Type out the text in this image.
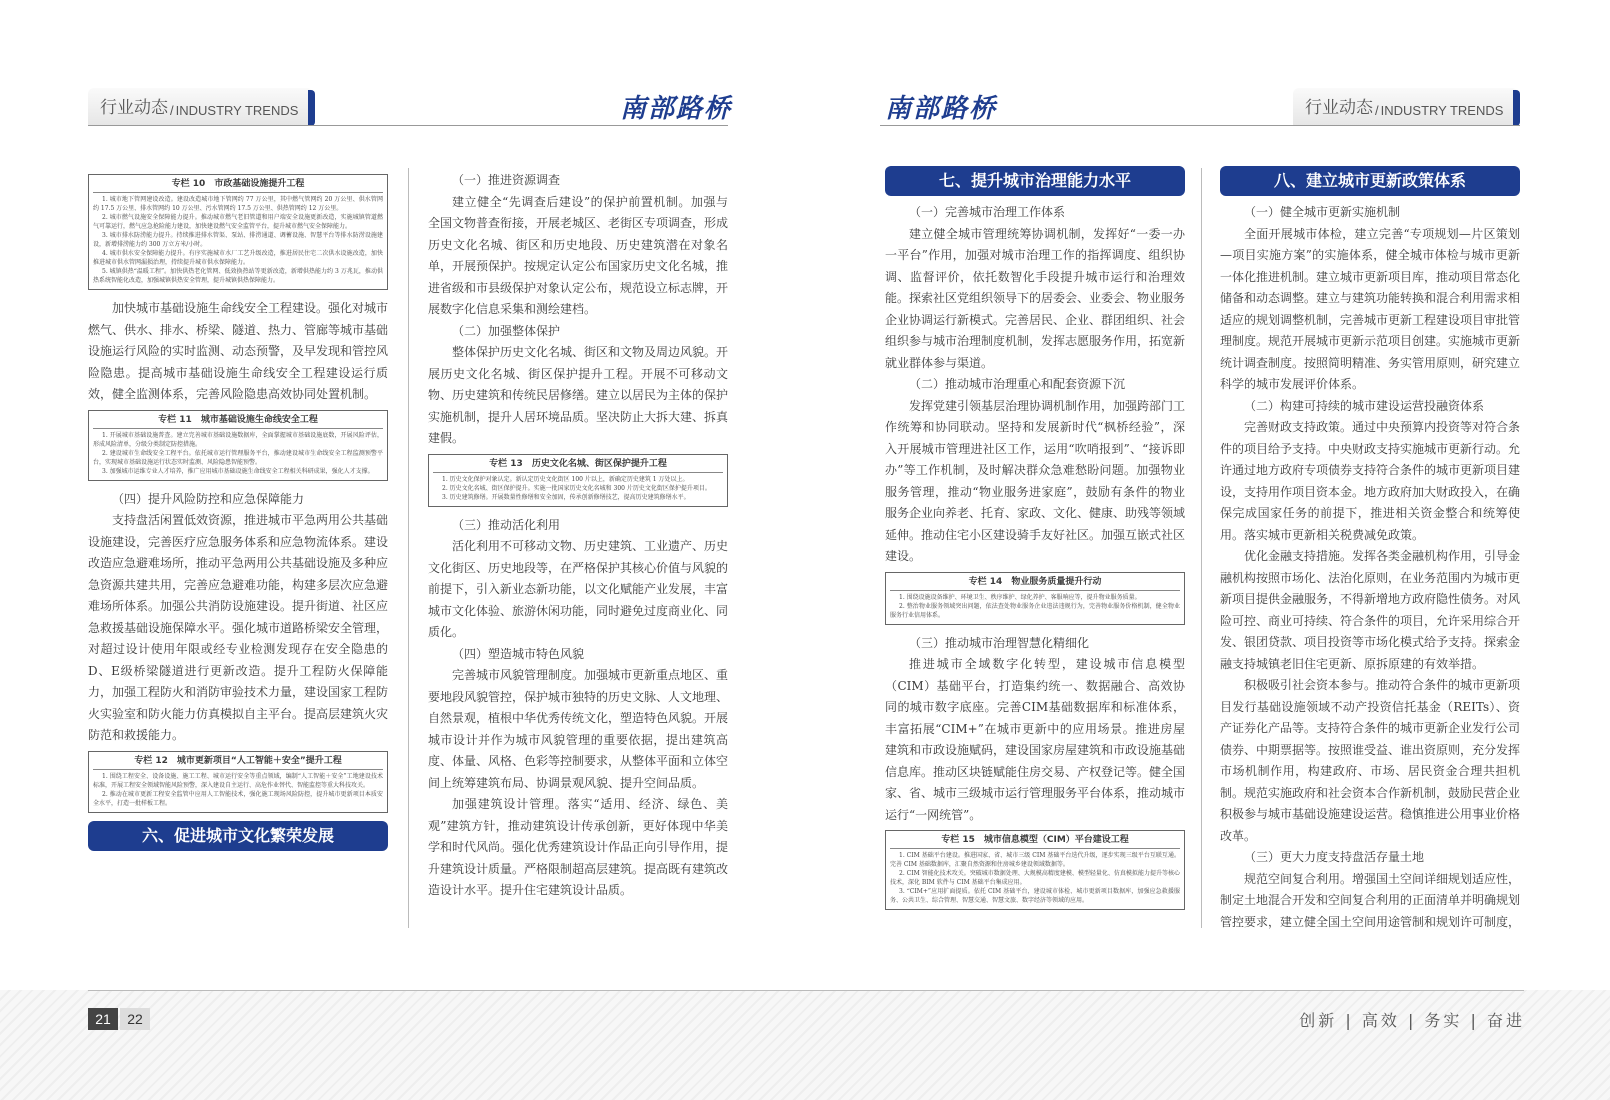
行业动态 / INDUSTRY TRENDS	南部路桥
专栏 10　市政基础设施提升工程
1. 城市地下管网建设改造。建设改造城市地下管网约 77 万公里，其中燃气管网约 20 万公里、供水管网约 17.5 万公里、排水管网约 10 万公里、污水管网约 17.5 万公里、供热管网约 12 万公里。
2. 城市燃气设施安全保障能力提升。推动城市燃气老旧管道和用户端安全设施更新改造，实施城镇管道燃气可靠运行，燃气应急抢险能力建设，加快建设燃气安全监管平台，提升城市燃气安全保障能力。
3. 城市排水防涝能力提升。持续推进排水管渠、泵站、排涝通道、调蓄设施、智慧平台等排水防涝设施建设，新增排涝能力约 300 万立方米/小时。
4. 城市供水安全保障能力提升。有序实施城市水厂工艺升级改造，推进居民住宅二次供水设施改造，加快推进城市供水管网漏损治理，持续提升城市供水保障能力。
5. 城镇供热“温暖工程”。加快供热老化管网、低效换热站等更新改造，新增供热能力约 3 万兆瓦，推动供热系统智能化改造，加强城镇供热安全管理，提升城镇供热保障能力。

加快城市基础设施生命线安全工程建设。强化对城市燃气、供水、排水、桥梁、隧道、热力、管廊等城市基础设施运行风险的实时监测、动态预警，及早发现和管控风险隐患。提高城市基础设施生命线安全工程建设运行质效，健全监测体系，完善风险隐患高效协同处置机制。

专栏 11　城市基础设施生命线安全工程
1. 开展城市基础设施普查。建立完善城市基础设施数据库，全面掌握城市基础设施底数，开展风险评估，形成风险清单，分级分类制定防控措施。
2. 建设城市生命线安全工程平台。依托城市运行管理服务平台，推动建设城市生命线安全工程监测预警平台，实现城市基础设施运行状态实时监测、风险隐患智能预警。
3. 加强城市运维专业人才培养，推广应用城市基础设施生命线安全工程相关科研成果，强化人才支撑。
（四）提升风险防控和应急保障能力

支持盘活闲置低效资源，推进城市平急两用公共基础设施建设，完善医疗应急服务体系和应急物流体系。建设改造应急避难场所，推动平急两用公共基础设施及多种应急资源共建共用，完善应急避难功能，构建多层次应急避难场所体系。加强公共消防设施建设。提升街道、社区应急救援基础设施保障水平。强化城市道路桥梁安全管理，对超过设计使用年限或经专业检测发现存在安全隐患的D、E级桥梁隧道进行更新改造。提升工程防火保障能力，加强工程防火和消防审验技术力量，建设国家工程防火实验室和防火能力仿真模拟自主平台。提高层建筑火灾防范和救援能力。

专栏 12　城市更新项目“人工智能＋安全”提升工程
1. 围绕工程安全、设备设施、施工工程、城市运行安全等重点领域，编制“人工智能＋安全”工地建设技术标准，开展工程安全领域智能风险预警，深入建设自主运行、高危作业替代、智能监控等重大科技攻关。
2. 推动在城市更新工程安全监管中应用人工智能技术，强化施工现场风险防控，提升城市更新项目本质安全水平，打造一批样板工程。
六、促进城市文化繁荣发展
（一）推进资源调查

建立健全“先调查后建设”的保护前置机制。加强与全国文物普查衔接，开展老城区、老街区专项调查，形成历史文化名城、街区和历史地段、历史建筑潜在对象名单，开展预保护。按规定认定公布国家历史文化名城，推进省级和市县级保护对象认定公布，规范设立标志牌，开展数字化信息采集和测绘建档。

（二）加强整体保护

整体保护历史文化名城、街区和文物及周边风貌。开展历史文化名城、街区保护提升工程。开展不可移动文物、历史建筑和传统民居修缮。建立以居民为主体的保护实施机制，提升人居环境品质。坚决防止大拆大建、拆真建假。

专栏 13　历史文化名城、街区保护提升工程
1. 历史文化保护对象认定。新认定历史文化街区 100 片以上，新确定历史建筑 1 万处以上。
2. 历史文化名城、街区保护提升。实施一批国家历史文化名城和 300 片历史文化街区保护提升项目。
3. 历史建筑修缮。开展数量性修缮和安全加固，传承创新修缮技艺，提高历史建筑修缮水平。
（三）推动活化利用

活化利用不可移动文物、历史建筑、工业遗产、历史文化街区、历史地段等，在严格保护其核心价值与风貌的前提下，引入新业态新功能，以文化赋能产业发展，丰富城市文化体验、旅游休闲功能，同时避免过度商业化、同质化。

（四）塑造城市特色风貌

完善城市风貌管理制度。加强城市更新重点地区、重要地段风貌管控，保护城市独特的历史文脉、人文地理、自然景观，植根中华优秀传统文化，塑造特色风貌。开展城市设计并作为城市风貌管理的重要依据，提出建筑高度、体量、风格、色彩等控制要求，从整体平面和立体空间上统筹建筑布局、协调景观风貌、提升空间品质。

加强建筑设计管理。落实“适用、经济、绿色、美观”建筑方针，推动建筑设计传承创新，更好体现中华美学和时代风尚。强化优秀建筑设计作品正向引导作用，提升建筑设计质量。严格限制超高层建筑。提高既有建筑改造设计水平。提升住宅建筑设计品质。

南部路桥	行业动态 / INDUSTRY TRENDS
七、提升城市治理能力水平
（一）完善城市治理工作体系

建立健全城市管理统筹协调机制，发挥好“一委一办一平台”作用，加强对城市治理工作的指挥调度、组织协调、监督评价，依托数智化手段提升城市运行和治理效能。探索社区党组织领导下的居委会、业委会、物业服务企业协调运行新模式。完善居民、企业、群团组织、社会组织参与城市治理制度机制，发挥志愿服务作用，拓宽新就业群体参与渠道。

（二）推动城市治理重心和配套资源下沉

发挥党建引领基层治理协调机制作用，加强跨部门工作统筹和协同联动。坚持和发展新时代“枫桥经验”，深入开展城市管理进社区工作，运用“吹哨报到”、“接诉即办”等工作机制，及时解决群众急难愁盼问题。加强物业服务管理，推动“物业服务进家庭”，鼓励有条件的物业服务企业向养老、托育、家政、文化、健康、助残等领域延伸。推动住宅小区建设骑手友好社区。加强互嵌式社区建设。

专栏 14　物业服务质量提升行动
1. 围绕设施设备维护、环境卫生、秩序维护、绿化养护、客服响应等，提升物业服务质量。
2. 整治物业服务领域突出问题，依法查处物业服务企业违法违规行为，完善物业服务价格机制，健全物业服务行业信用体系。
（三）推动城市治理智慧化精细化

推进城市全域数字化转型，建设城市信息模型（CIM）基础平台，打造集约统一、数据融合、高效协同的城市数字底座。完善CIM基础数据库和标准体系，丰富拓展“CIM+”在城市更新中的应用场景。推进房屋建筑和市政设施赋码，建设国家房屋建筑和市政设施基础信息库。推动区块链赋能住房交易、产权登记等。健全国家、省、城市三级城市运行管理服务平台体系，推动城市运行“一网统管”。

专栏 15　城市信息模型（CIM）平台建设工程
1. CIM 基础平台建设。推进国家、省、城市三级 CIM 基础平台迭代升级，逐步实现三级平台互联互通。完善 CIM 基础数据库，汇聚自然资源和住房城乡建设领域数据等。
2. CIM 智能化技术攻关。突破城市数据处理、大规模高精度建模、模型轻量化、仿真模拟能力提升等核心技术，深化 BIM 软件与 CIM 基础平台集成应用。
3. “CIM+”应用扩面提质。依托 CIM 基础平台，建设城市体检、城市更新项目数据库，加强应急救援服务、公共卫生、综合管理、智慧交通、智慧文旅、数字经济等领域的应用。
八、建立城市更新政策体系
（一）健全城市更新实施机制

全面开展城市体检，建立完善“专项规划—片区策划—项目实施方案”的实施体系，健全城市体检与城市更新一体化推进机制。建立城市更新项目库，推动项目常态化储备和动态调整。建立与建筑功能转换和混合利用需求相适应的规划调整机制，完善城市更新工程建设项目审批管理制度。规范开展城市更新示范项目创建。实施城市更新统计调查制度。按照简明精准、务实管用原则，研究建立科学的城市发展评价体系。

（二）构建可持续的城市建设运营投融资体系

完善财政支持政策。通过中央预算内投资等对符合条件的项目给予支持。中央财政支持实施城市更新行动。允许通过地方政府专项债券支持符合条件的城市更新项目建设，支持用作项目资本金。地方政府加大财政投入，在确保完成国家任务的前提下，推进相关资金整合和统筹使用。落实城市更新相关税费减免政策。

优化金融支持措施。发挥各类金融机构作用，引导金融机构按照市场化、法治化原则，在业务范围内为城市更新项目提供金融服务，不得新增地方政府隐性债务。对风险可控、商业可持续、符合条件的项目，允许采用综合开发、银团贷款、项目投资等市场化模式给予支持。探索金融支持城镇老旧住宅更新、原拆原建的有效举措。

积极吸引社会资本参与。推动符合条件的城市更新项目发行基础设施领域不动产投资信托基金（REITs）、资产证券化产品等。支持符合条件的城市更新企业发行公司债券、中期票据等。按照谁受益、谁出资原则，充分发挥市场机制作用，构建政府、市场、居民资金合理共担机制。规范实施政府和社会资本合作新机制，鼓励民营企业积极参与城市基础设施建设运营。稳慎推进公用事业价格改革。

（三）更大力度支持盘活存量土地

规范空间复合利用。增强国土空间详细规划适应性，制定土地混合开发和空间复合利用的正面清单并明确规划管控要求，建立健全国土空间用途管制和规划许可制度，

21	22	创新 | 高效 | 务实 | 奋进
